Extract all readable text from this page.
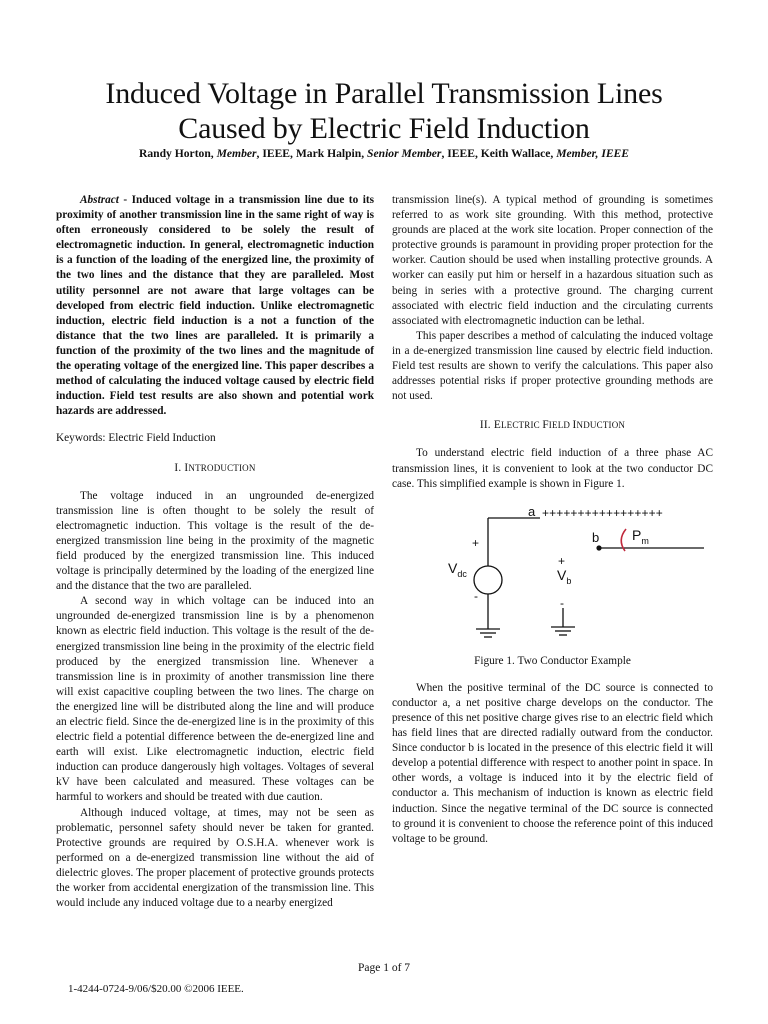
Induced Voltage in Parallel Transmission Lines
Caused by Electric Field Induction
Randy Horton, Member, IEEE, Mark Halpin, Senior Member, IEEE, Keith Wallace, Member, IEEE

Abstract - Induced voltage in a transmission line due to its proximity of another transmission line in the same right of way is often erroneously considered to be solely the result of electromagnetic induction. In general, electromagnetic induction is a function of the loading of the energized line, the proximity of the two lines and the distance that they are paralleled. Most utility personnel are not aware that large voltages can be developed from electric field induction. Unlike electromagnetic induction, electric field induction is a not a function of the distance that the two lines are paralleled. It is primarily a function of the proximity of the two lines and the magnitude of the operating voltage of the energized line. This paper describes a method of calculating the induced voltage caused by electric field induction. Field test results are also shown and potential work hazards are addressed.

Keywords: Electric Field Induction

I. INTRODUCTION

The voltage induced in an ungrounded de-energized transmission line is often thought to be solely the result of electromagnetic induction. This voltage is the result of the de-energized transmission line being in the proximity of the magnetic field produced by the energized transmission line. This induced voltage is principally determined by the loading of the energized line and the distance that the two are paralleled.

A second way in which voltage can be induced into an ungrounded de-energized transmission line is by a phenomenon known as electric field induction. This voltage is the result of the de-energized transmission line being in the proximity of the electric field produced by the energized transmission line. Whenever a transmission line is in proximity of another transmission line there will exist capacitive coupling between the two lines. The charge on the energized line will be distributed along the line and will produce an electric field. Since the de-energized line is in the proximity of this electric field a potential difference between the de-energized line and earth will exist. Like electromagnetic induction, electric field induction can produce dangerously high voltages. Voltages of several kV have been calculated and measured. These voltages can be harmful to workers and should be treated with due caution.

Although induced voltage, at times, may not be seen as problematic, personnel safety should never be taken for granted. Protective grounds are required by O.S.H.A. whenever work is performed on a de-energized transmission line without the aid of dielectric gloves. The proper placement of protective grounds protects the worker from accidental energization of the transmission line. This would include any induced voltage due to a nearby energized

transmission line(s). A typical method of grounding is sometimes referred to as work site grounding. With this method, protective grounds are placed at the work site location. Proper connection of the protective grounds is paramount in providing proper protection for the worker. Caution should be used when installing protective grounds. A worker can easily put him or herself in a hazardous situation such as being in series with a protective ground. The charging current associated with electric field induction and the circulating currents associated with electromagnetic induction can be lethal.

This paper describes a method of calculating the induced voltage in a de-energized transmission line caused by electric field induction. Field test results are shown to verify the calculations. This paper also addresses potential risks if proper protective grounding methods are not used.

II. ELECTRIC FIELD INDUCTION

To understand electric field induction of a three phase AC transmission lines, it is convenient to look at the two conductor DC case. This simplified example is shown in Figure 1.

a +++++++++++++++++
b $P_m$
+
$V_{dc}$
-
+
$V_b$
-

Figure 1. Two Conductor Example

When the positive terminal of the DC source is connected to conductor a, a net positive charge develops on the conductor. The presence of this net positive charge gives rise to an electric field which has field lines that are directed radially outward from the conductor. Since conductor b is located in the presence of this electric field it will develop a potential difference with respect to another point in space. In other words, a voltage is induced into it by the electric field of conductor a. This mechanism of induction is known as electric field induction. Since the negative terminal of the DC source is connected to ground it is convenient to choose the reference point of this induced voltage to be ground.

Page 1 of 7
1-4244-0724-9/06/$20.00 ©2006 IEEE.
